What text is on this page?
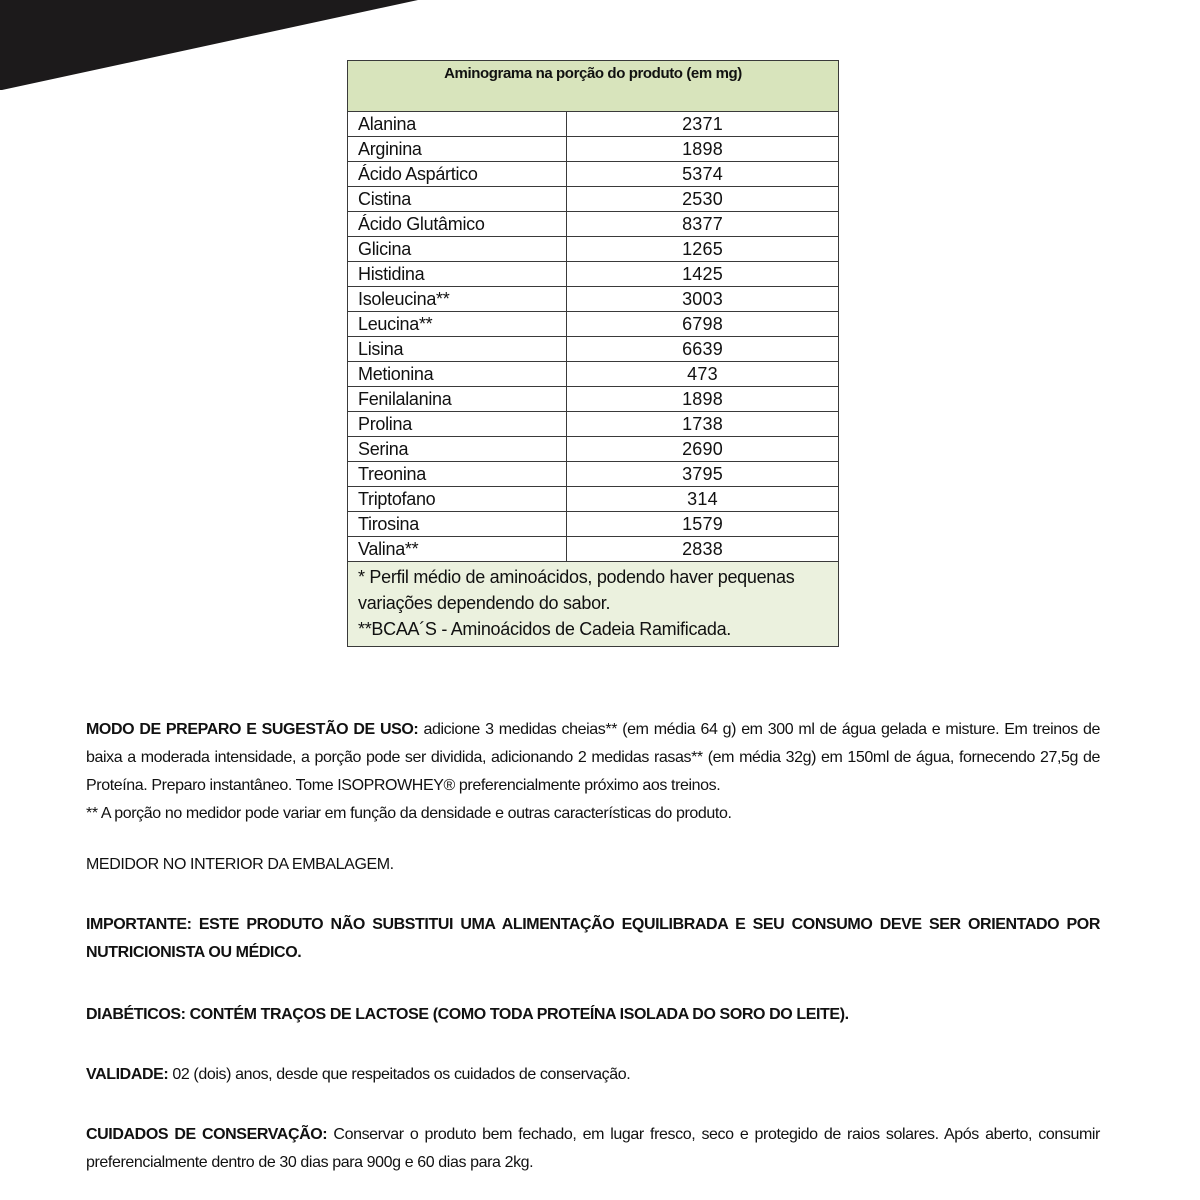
Aminograma na porção do produto (em mg)	
Alanina	2371
Arginina	1898
Ácido Aspártico	5374
Cistina	2530
Ácido Glutâmico	8377
Glicina	1265
Histidina	1425
Isoleucina**	3003
Leucina**	6798
Lisina	6639
Metionina	473
Fenilalanina	1898
Prolina	1738
Serina	2690
Treonina	3795
Triptofano	314
Tirosina	1579
Valina**	2838

* Perfil médio de aminoácidos, podendo haver pequenas variações dependendo do sabor.
**BCAA´S - Aminoácidos de Cadeia Ramificada.	
MODO DE PREPARO E SUGESTÃO DE USO: adicione 3 medidas cheias** (em média 64 g) em 300 ml de água gelada e misture. Em treinos de baixa a moderada intensidade, a porção pode ser dividida, adicionando 2 medidas rasas** (em média 32g) em 150ml de água, fornecendo 27,5g de Proteína. Preparo instantâneo. Tome ISOPROWHEY® preferencialmente próximo aos treinos.
** A porção no medidor pode variar em função da densidade e outras características do produto.
MEDIDOR NO INTERIOR DA EMBALAGEM.
IMPORTANTE: ESTE PRODUTO NÃO SUBSTITUI UMA ALIMENTAÇÃO EQUILIBRADA E SEU CONSUMO DEVE SER ORIENTADO POR NUTRICIONISTA OU MÉDICO.
DIABÉTICOS: CONTÉM TRAÇOS DE LACTOSE (COMO TODA PROTEÍNA ISOLADA DO SORO DO LEITE).
VALIDADE: 02 (dois) anos, desde que respeitados os cuidados de conservação.
CUIDADOS DE CONSERVAÇÃO: Conservar o produto bem fechado, em lugar fresco, seco e protegido de raios solares. Após aberto, consumir preferencialmente dentro de 30 dias para 900g e 60 dias para 2kg.
